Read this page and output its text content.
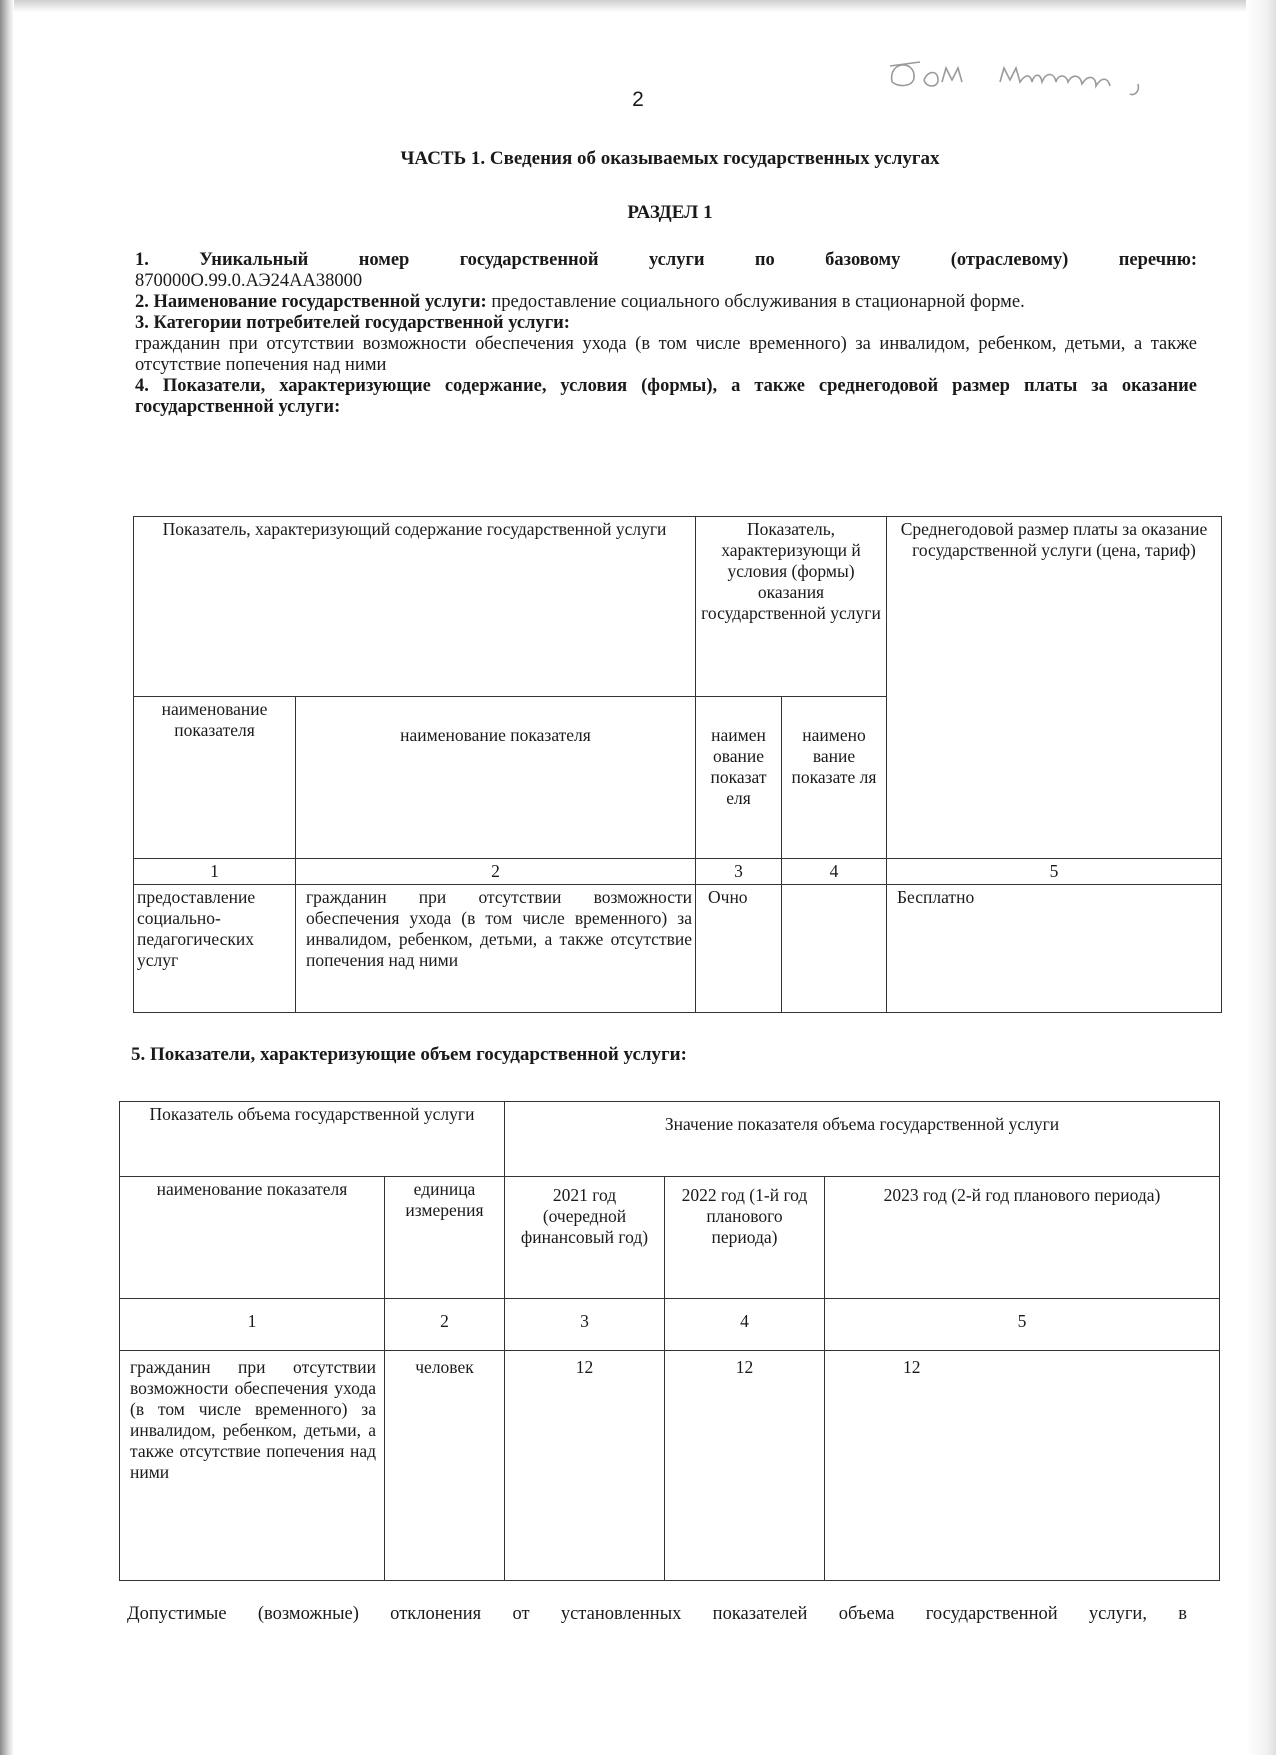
2
ЧАСТЬ 1. Сведения об оказываемых государственных услугах
РАЗДЕЛ 1

1. Уникальный номер государственной услуги по базовому (отраслевому) перечню:

870000О.99.0.АЭ24АА38000

2. Наименование государственной услуги: предоставление социального обслуживания в стационарной форме.

3. Категории потребителей государственной услуги:

гражданин при отсутствии возможности обеспечения ухода (в том числе временного) за инвалидом, ребенком, детьми, а также отсутствие попечения над ними

4. Показатели, характеризующие содержание, условия (формы), а также среднегодовой размер платы за оказание государственной услуги:

Показатель, характеризующий содержание государственной услуги		Показатель, характеризующи й условия (формы) оказания государственной услуги		Среднегодовой размер платы за оказание государственной услуги (цена, тариф)
наименование показателя	наименование показателя	наимен ование показат еля	наимено вание показате ля	
1	2	3	4	5
предоставление социально-педагогических услуг	гражданин при отсутствии возможности обеспечения ухода (в том числе временного) за инвалидом, ребенком, детьми, а также отсутствие попечения над ними	Очно		Бесплатно
5. Показатели, характеризующие объем государственной услуги:
Показатель объема государственной услуги		Значение показателя объема государственной услуги		
наименование показателя	единица измерения	2021 год (очередной финансовый год)	2022 год (1-й год планового периода)	2023 год (2-й год планового периода)
1	2	3	4	5
гражданин при отсутствии возможности обеспечения ухода (в том числе временного) за инвалидом, ребенком, детьми, а также отсутствие попечения над ними	человек	12	12	12
Допустимые (возможные) отклонения от установленных показателей объема государственной услуги, в
